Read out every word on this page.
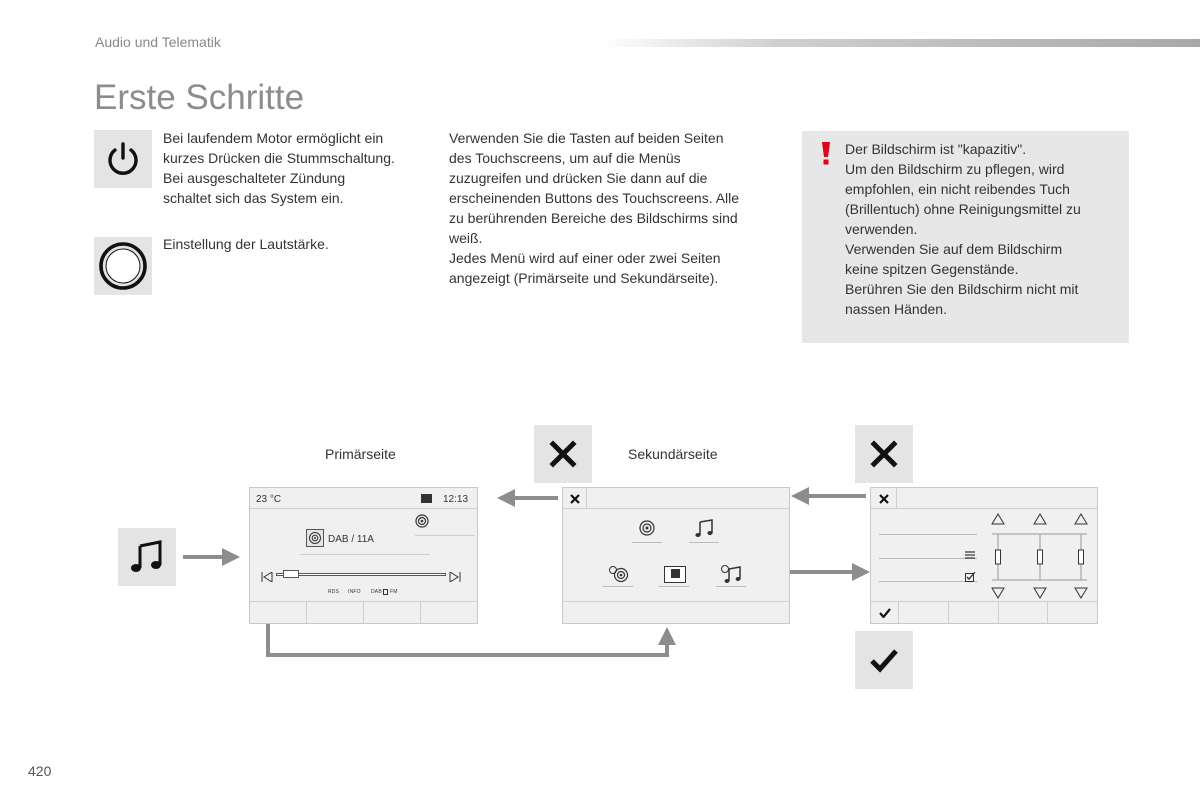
Audio und Telematik
Erste Schritte
Bei laufendem Motor ermöglicht ein
kurzes Drücken die Stummschaltung.
Bei ausgeschalteter Zündung
schaltet sich das System ein.
Einstellung der Lautstärke.
Verwenden Sie die Tasten auf beiden Seiten
des Touchscreens, um auf die Menüs
zuzugreifen und drücken Sie dann auf die
erscheinenden Buttons des Touchscreens. Alle
zu berührenden Bereiche des Bildschirms sind
weiß.
Jedes Menü wird auf einer oder zwei Seiten
angezeigt (Primärseite und Sekundärseite).
Der Bildschirm ist "kapazitiv".
Um den Bildschirm zu pflegen, wird
empfohlen, ein nicht reibendes Tuch
(Brillentuch) ohne Reinigungsmittel zu
verwenden.
Verwenden Sie auf dem Bildschirm
keine spitzen Gegenstände.
Berühren Sie den Bildschirm nicht mit
nassen Händen.
Primärseite	Sekundärseite
23 °C	12:13
DAB / 11A
RDS INFO DAB FM
420
